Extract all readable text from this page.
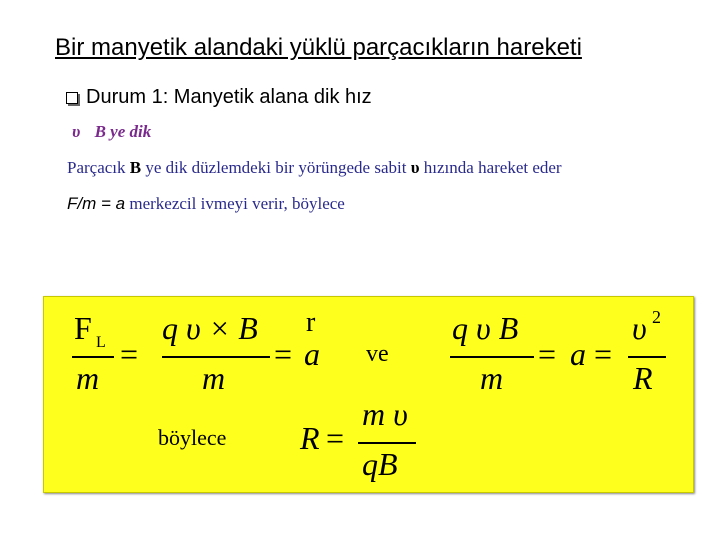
Bir manyetik alandaki yüklü parçacıkların hareketi
Durum 1: Manyetik alana dik hız
υ B ye dik
Parçacık B ye dik düzlemdeki bir yörüngede sabit υ hızında hareket eder
F/m = a merkezcil ivmeyi verir, böylece
F L
m
=
q υ × B
m
= a
r
ve
q υ B
m
= a =
υ 2
R
böylece R =
m υ
qB
